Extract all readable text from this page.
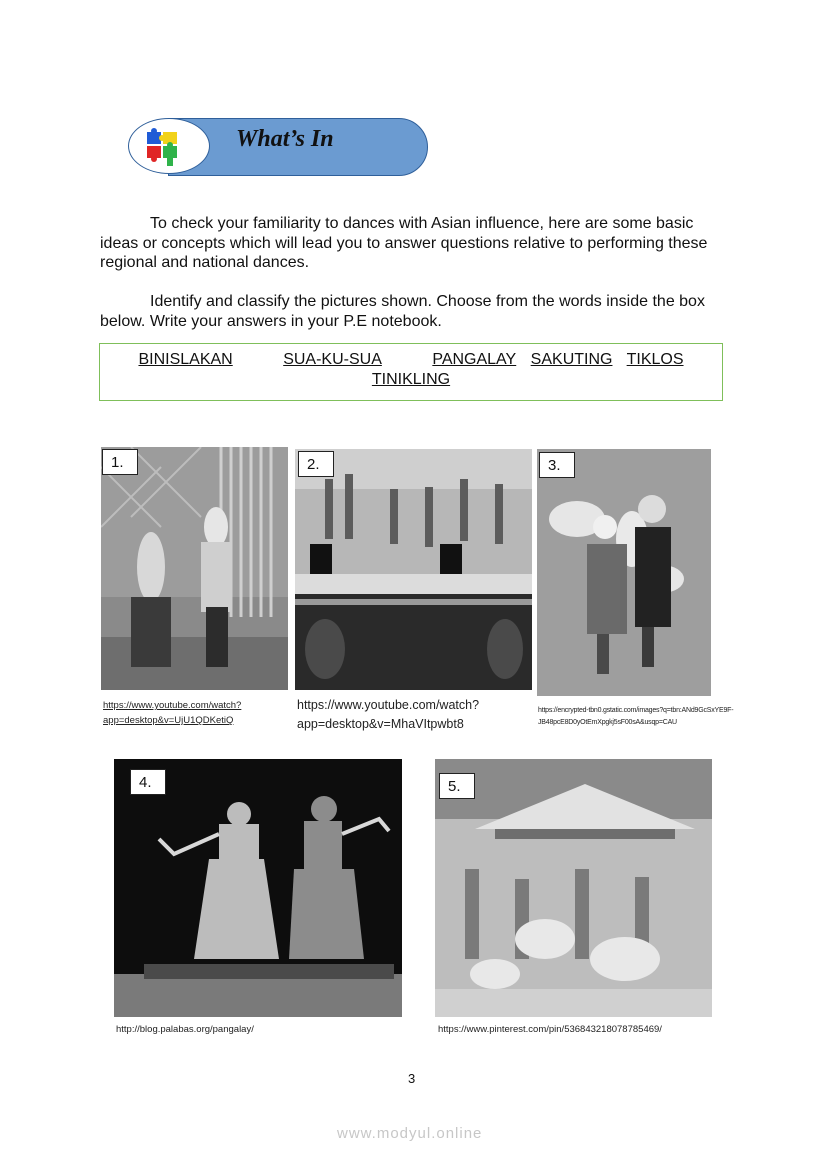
What’s In

To check your familiarity to dances with Asian influence, here are some basic ideas or concepts which will lead you to answer questions relative to performing these regional and national dances.

Identify and classify the pictures shown. Choose from the words inside the box below. Write your answers in your P.E notebook.

BINISLAKAN	SUA-KU-SUA	PANGALAY SAKUTING TIKLOS
TINIKLING
1.
https://www.youtube.com/watch?
app=desktop&v=UjU1QDKetiQ
2.
https://www.youtube.com/watch?
app=desktop&v=MhaVItpwbt8
3.
https://encrypted-tbn0.gstatic.com/images?q=tbn:ANd9GcSxYE9F-
JB48pcE8D0yOtEmXpgkj5sF00sA&usqp=CAU
4.
http://blog.palabas.org/pangalay/
5.
https://www.pinterest.com/pin/536843218078785469/
3
www.modyul.online
